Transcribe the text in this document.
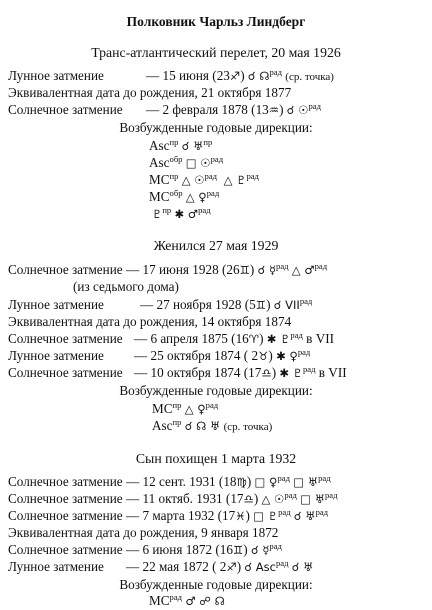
Полковник Чарльз Линдберг
Транс-атлантический перелет, 20 мая 1926
Лунное затмение	— 15 июня (23♐) ☌ ☊$^{рад}$ (ср. точка)
Эквивалентная дата до рождения, 21 октября 1877
Солнечное затмение — 2 февраля 1878 (13♒) ☌ ☉$^{рад}$
Возбужденные годовые дирекции:
Asc$^{пр}$ ☌ ♅$^{пр}$
Asc$^{обр}$ □ ☉$^{рад}$
$MC^{пр}$ △ ☉$^{рад}$ △ ♇$^{рад}$
$MC^{обр}$ △ ♀$^{рад}$
♇$^{пр}$ ✱ ♂$^{рад}$
Женился 27 мая 1929
Солнечное затмение — 17 июня 1928 (26♊) ☌ ☿$^{рад}$ △ ♂$^{рад}$
(из седьмого дома)
Лунное затмение	— 27 ноября 1928 (5♊) ☌ $VII^{рад}$
Эквивалентная дата до рождения, 14 октября 1874
Солнечное затмение — 6 апреля 1875 (16♈) ✱ ♇$^{рад}$ в VII
Лунное затмение — 25 октября 1874 ( 2♉) ✱ ♀$^{рад}$
Солнечное затмение — 10 октября 1874 (17♎) ✱ ♇$^{рад}$ в VII
Возбужденные годовые дирекции:
$MC^{пр}$ △ ♀$^{рад}$
Asc$^{пр}$ ☌ ☊ ♅ (ср. точка)
Сын похищен 1 марта 1932
Солнечное затмение — 12 сент. 1931 (18♍) □ ♀$^{рад}$ □ ♅$^{рад}$
Солнечное затмение — 11 октяб. 1931 (17♎) △ ☉$^{рад}$ □ ♅$^{рад}$
Солнечное затмение — 7 марта 1932 (17♓) □ ♇$^{рад}$ ☌ ♅$^{рад}$
Эквивалентная дата до рождения, 9 января 1872
Солнечное затмение — 6 июня 1872 (16♊) ☌ ☿$^{рад}$
Лунное затмение — 22 мая 1872 ( 2♐) ☌ Asc$^{рад}$ ☌ ♅
Возбужденные годовые дирекции:
$MC^{рад}$ ♂ ☍ ☊
